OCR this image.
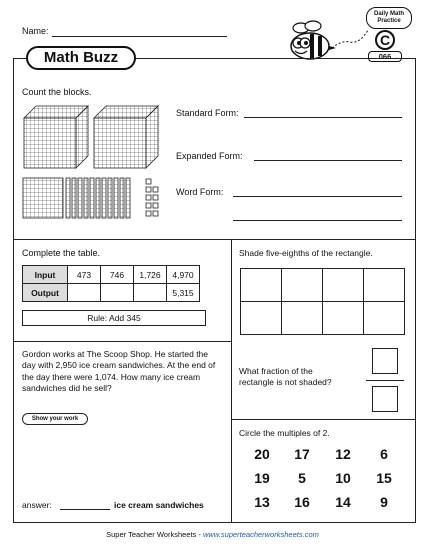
Name:
Math Buzz
Daily Math Practice
C
066
Count the blocks.
Standard Form:
Expanded Form:
Word Form:
Complete the table.
Input	473	746	1,726	4,970
Output				5,315
Rule: Add 345
Shade five-eighths of the rectangle.
What fraction of the rectangle is not shaded?
Gordon works at The Scoop Shop. He started the day with 2,950 ice cream sandwiches. At the end of the day there were 1,074. How many ice cream sandwiches did he sell?
Show your work
answer:	ice cream sandwiches
Circle the multiples of 2.
20	17	12	6
19	5	10	15
13	16	14	9
Super Teacher Worksheets - www.superteacherworksheets.com
